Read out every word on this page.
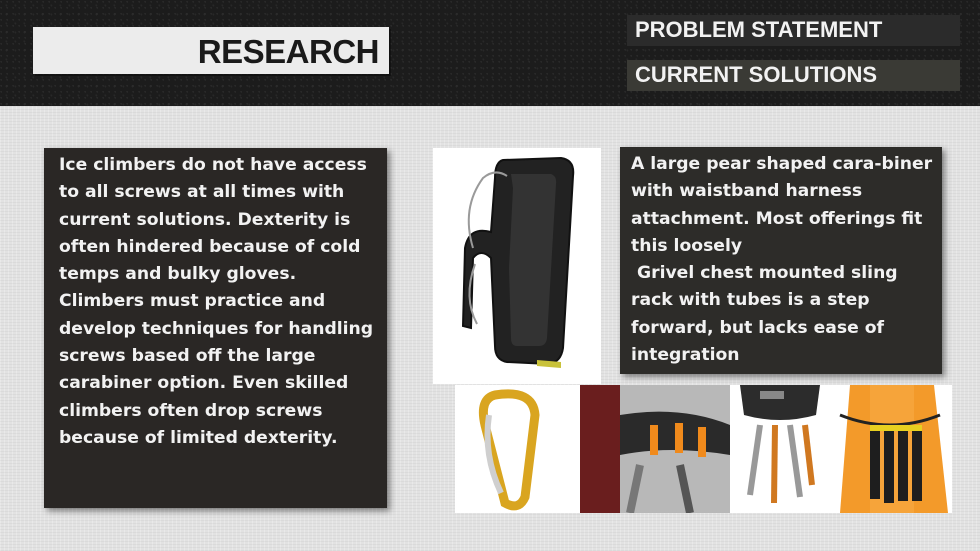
RESEARCH
PROBLEM STATEMENT
CURRENT SOLUTIONS
Ice climbers do not have access to all screws at all times with current solutions. Dexterity is often hindered because of cold temps and bulky gloves. Climbers must practice and develop techniques for handling screws based off the large carabiner option. Even skilled climbers often drop screws because of limited dexterity.
A large pear shaped cara-biner with waistband harness attachment. Most offerings fit this loosely
Grivel chest mounted sling rack with tubes is a step forward, but lacks ease of integration
